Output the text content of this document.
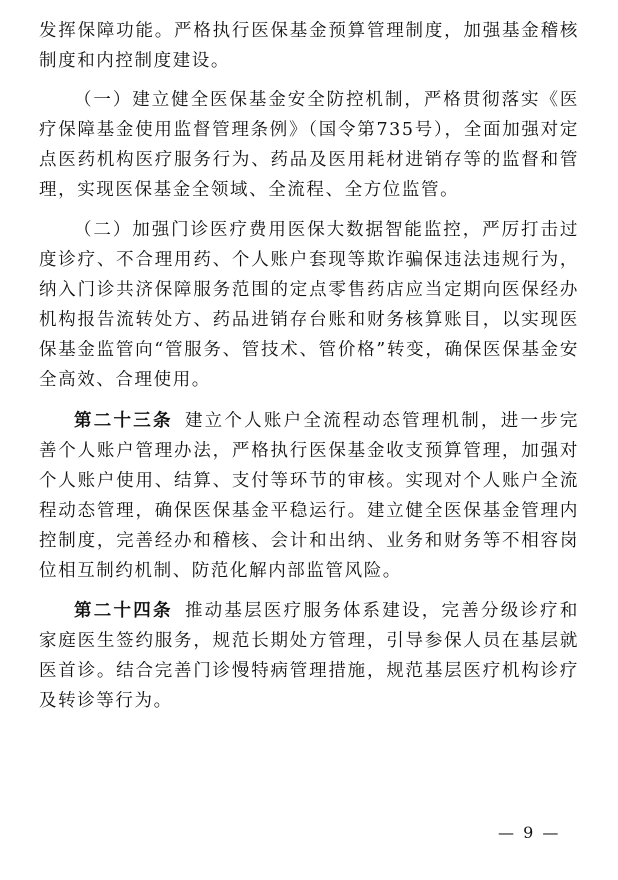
发挥保障功能。严格执行医保基金预算管理制度，加强基金稽核制度和内控制度建设。

（一）建立健全医保基金安全防控机制，严格贯彻落实《医疗保障基金使用监督管理条例》（国令第735号），全面加强对定点医药机构医疗服务行为、药品及医用耗材进销存等的监督和管理，实现医保基金全领域、全流程、全方位监管。

（二）加强门诊医疗费用医保大数据智能监控，严厉打击过度诊疗、不合理用药、个人账户套现等欺诈骗保违法违规行为，纳入门诊共济保障服务范围的定点零售药店应当定期向医保经办机构报告流转处方、药品进销存台账和财务核算账目，以实现医保基金监管向“管服务、管技术、管价格”转变，确保医保基金安全高效、合理使用。

第二十三条 建立个人账户全流程动态管理机制，进一步完善个人账户管理办法，严格执行医保基金收支预算管理，加强对个人账户使用、结算、支付等环节的审核。实现对个人账户全流程动态管理，确保医保基金平稳运行。建立健全医保基金管理内控制度，完善经办和稽核、会计和出纳、业务和财务等不相容岗位相互制约机制、防范化解内部监管风险。

第二十四条 推动基层医疗服务体系建设，完善分级诊疗和家庭医生签约服务，规范长期处方管理，引导参保人员在基层就医首诊。结合完善门诊慢特病管理措施，规范基层医疗机构诊疗及转诊等行为。

— 9 —
